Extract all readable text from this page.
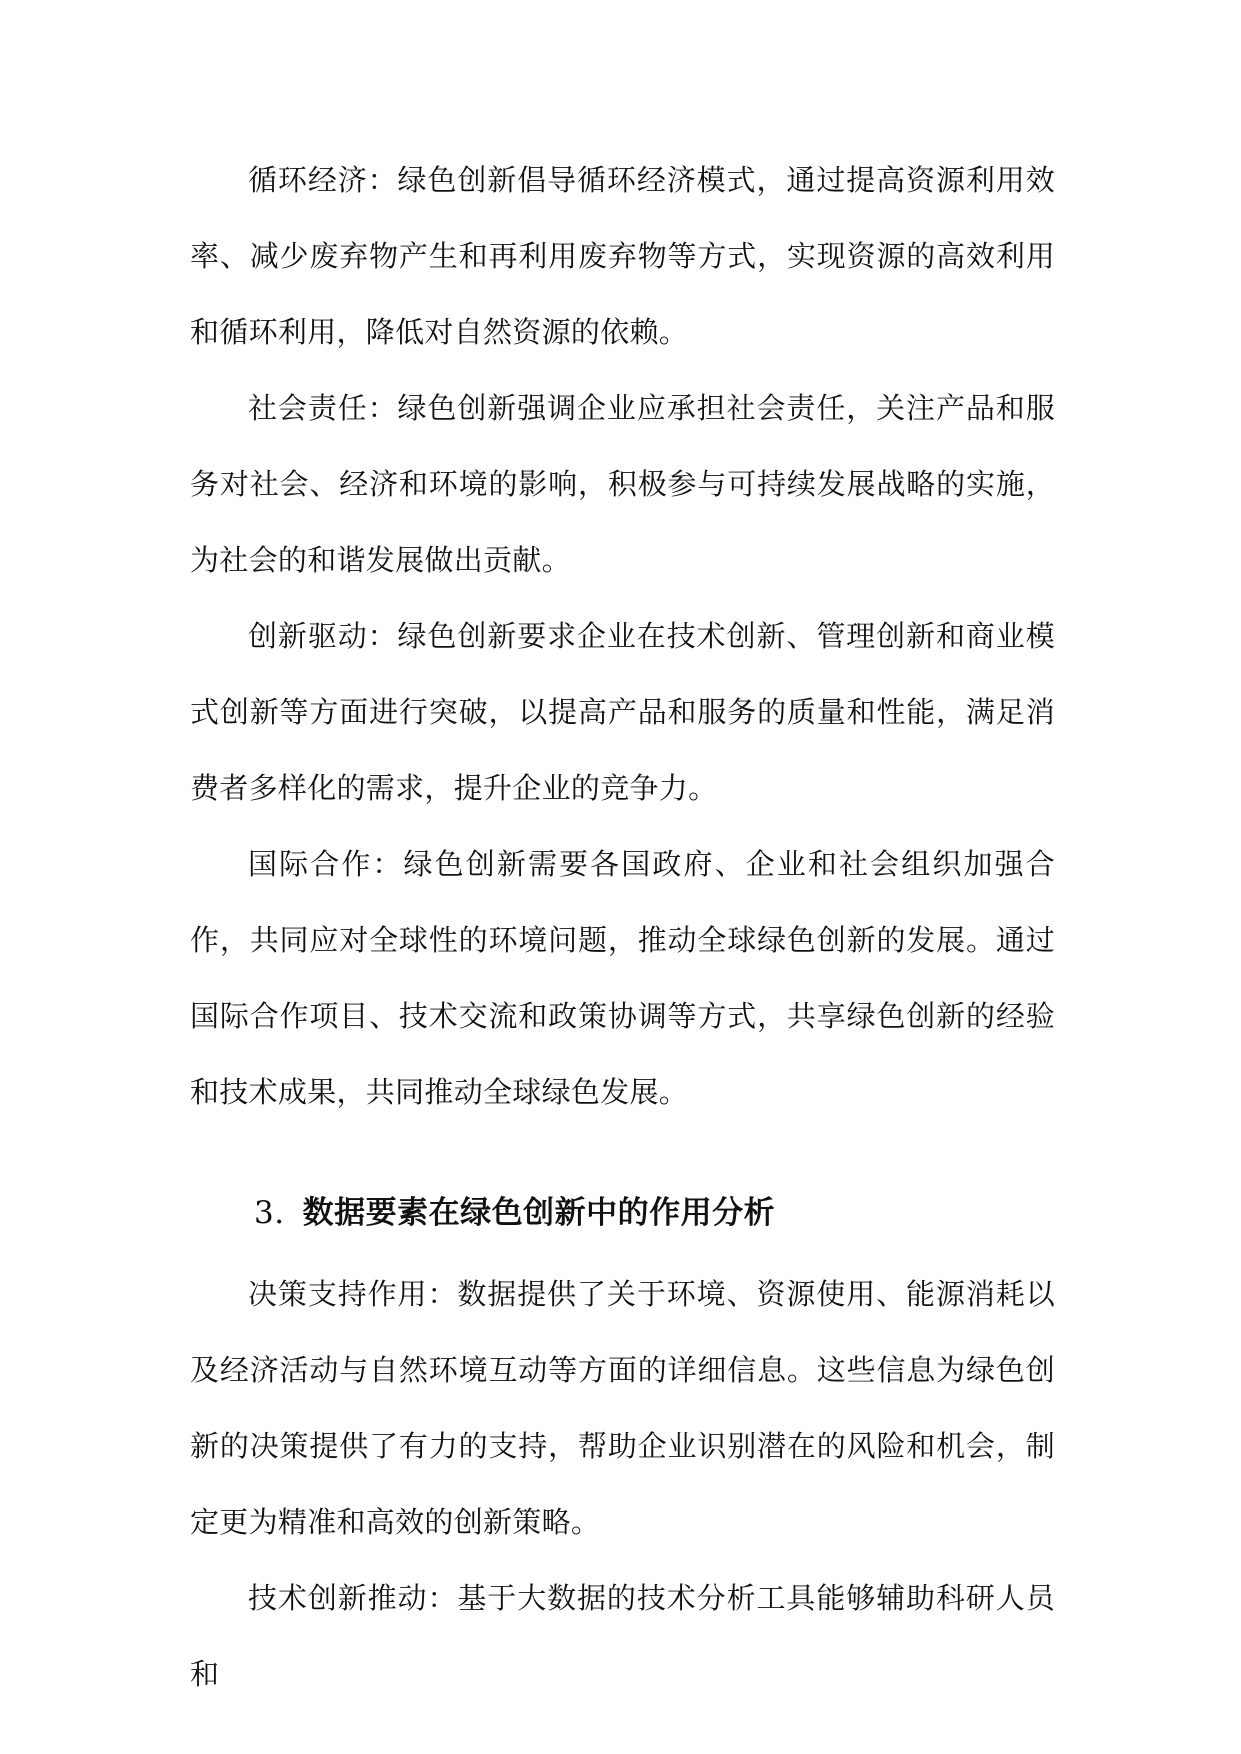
循环经济：绿色创新倡导循环经济模式，通过提高资源利用效率、减少废弃物产生和再利用废弃物等方式，实现资源的高效利用和循环利用，降低对自然资源的依赖。

社会责任：绿色创新强调企业应承担社会责任，关注产品和服务对社会、经济和环境的影响，积极参与可持续发展战略的实施，为社会的和谐发展做出贡献。

创新驱动：绿色创新要求企业在技术创新、管理创新和商业模式创新等方面进行突破，以提高产品和服务的质量和性能，满足消费者多样化的需求，提升企业的竞争力。

国际合作：绿色创新需要各国政府、企业和社会组织加强合作，共同应对全球性的环境问题，推动全球绿色创新的发展。通过国际合作项目、技术交流和政策协调等方式，共享绿色创新的经验和技术成果，共同推动全球绿色发展。

3. 数据要素在绿色创新中的作用分析

决策支持作用：数据提供了关于环境、资源使用、能源消耗以及经济活动与自然环境互动等方面的详细信息。这些信息为绿色创新的决策提供了有力的支持，帮助企业识别潜在的风险和机会，制定更为精准和高效的创新策略。

技术创新推动：基于大数据的技术分析工具能够辅助科研人员和
